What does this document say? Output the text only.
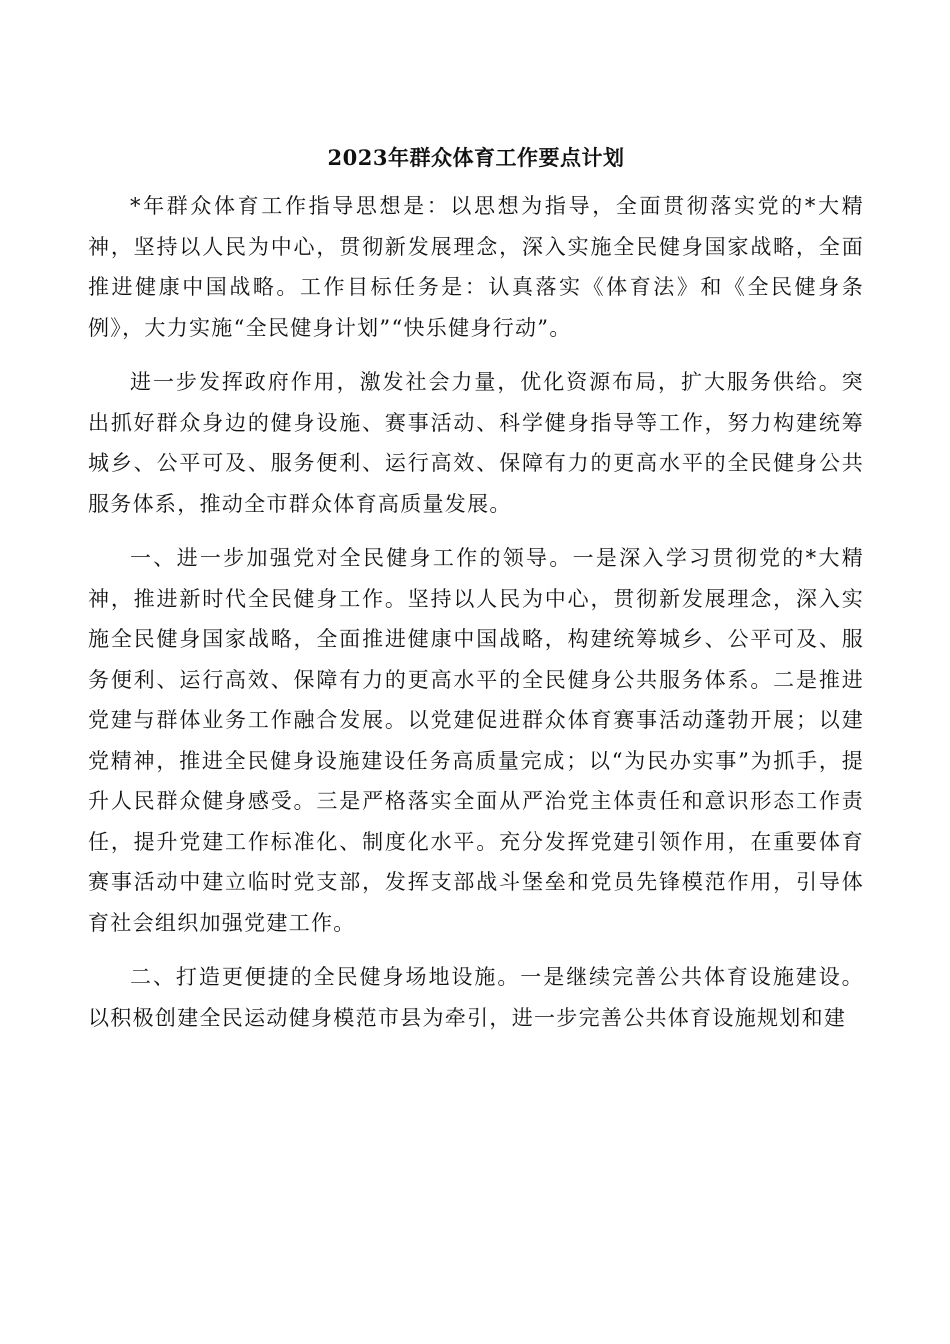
2023年群众体育工作要点计划

*年群众体育工作指导思想是：以思想为指导，全面贯彻落实党的*大精神，坚持以人民为中心，贯彻新发展理念，深入实施全民健身国家战略，全面推进健康中国战略。工作目标任务是：认真落实《体育法》和《全民健身条例》，大力实施“全民健身计划”“快乐健身行动”。

进一步发挥政府作用，激发社会力量，优化资源布局，扩大服务供给。突出抓好群众身边的健身设施、赛事活动、科学健身指导等工作，努力构建统筹城乡、公平可及、服务便利、运行高效、保障有力的更高水平的全民健身公共服务体系，推动全市群众体育高质量发展。

一、进一步加强党对全民健身工作的领导。一是深入学习贯彻党的*大精神，推进新时代全民健身工作。坚持以人民为中心，贯彻新发展理念，深入实施全民健身国家战略，全面推进健康中国战略，构建统筹城乡、公平可及、服务便利、运行高效、保障有力的更高水平的全民健身公共服务体系。二是推进党建与群体业务工作融合发展。以党建促进群众体育赛事活动蓬勃开展；以建党精神，推进全民健身设施建设任务高质量完成；以“为民办实事”为抓手，提升人民群众健身感受。三是严格落实全面从严治党主体责任和意识形态工作责任，提升党建工作标准化、制度化水平。充分发挥党建引领作用，在重要体育赛事活动中建立临时党支部，发挥支部战斗堡垒和党员先锋模范作用，引导体育社会组织加强党建工作。

二、打造更便捷的全民健身场地设施。一是继续完善公共体育设施建设。以积极创建全民运动健身模范市县为牵引，进一步完善公共体育设施规划和建
